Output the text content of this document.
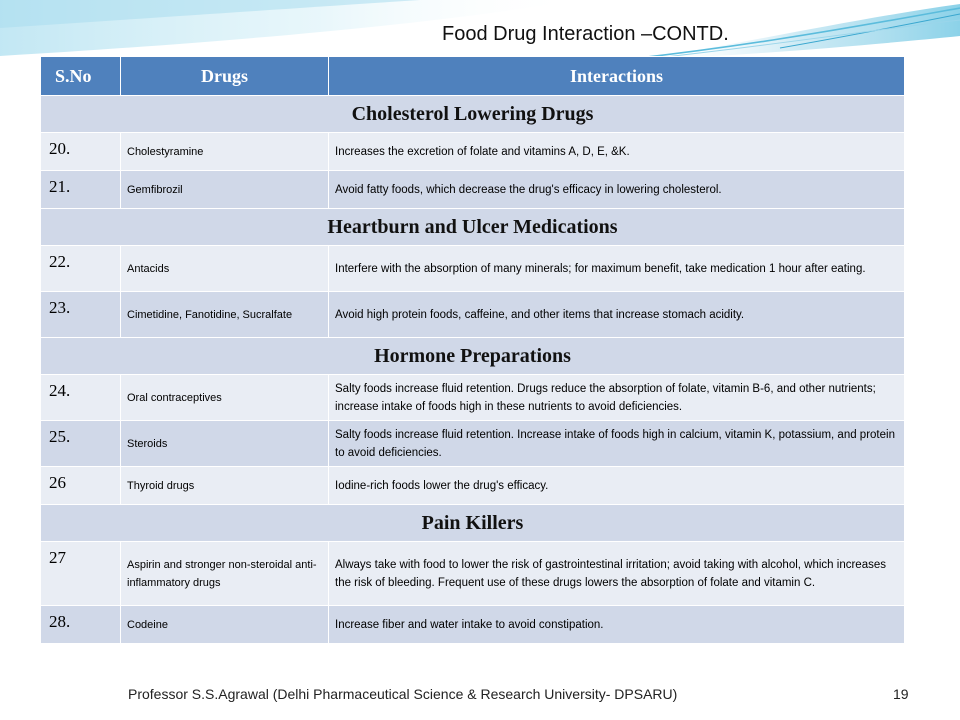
Food Drug Interaction –CONTD.
S.No	Drugs	Interactions
Cholesterol Lowering Drugs		
20.	Cholestyramine	Increases the excretion of folate and vitamins A, D, E, &K.
21.	Gemfibrozil	Avoid fatty foods, which decrease the drug's efficacy in lowering cholesterol.
Heartburn and Ulcer Medications		
22.	Antacids	Interfere with the absorption of many minerals; for maximum benefit, take medication 1 hour after eating.
23.	Cimetidine, Fanotidine, Sucralfate	Avoid high protein foods, caffeine, and other items that increase stomach acidity.
Hormone Preparations		
24.	Oral contraceptives	Salty foods increase fluid retention. Drugs reduce the absorption of folate, vitamin B-6, and other nutrients; increase intake of foods high in these nutrients to avoid deficiencies.
25.	Steroids	Salty foods increase fluid retention. Increase intake of foods high in calcium, vitamin K, potassium, and protein to avoid deficiencies.
26	Thyroid drugs	Iodine-rich foods lower the drug's efficacy.
Pain Killers		
27	Aspirin and stronger non-steroidal anti-inflammatory drugs	Always take with food to lower the risk of gastrointestinal irritation; avoid taking with alcohol, which increases the risk of bleeding. Frequent use of these drugs lowers the absorption of folate and vitamin C.
28.	Codeine	Increase fiber and water intake to avoid constipation.
Professor S.S.Agrawal (Delhi Pharmaceutical Science & Research University- DPSARU)	19
